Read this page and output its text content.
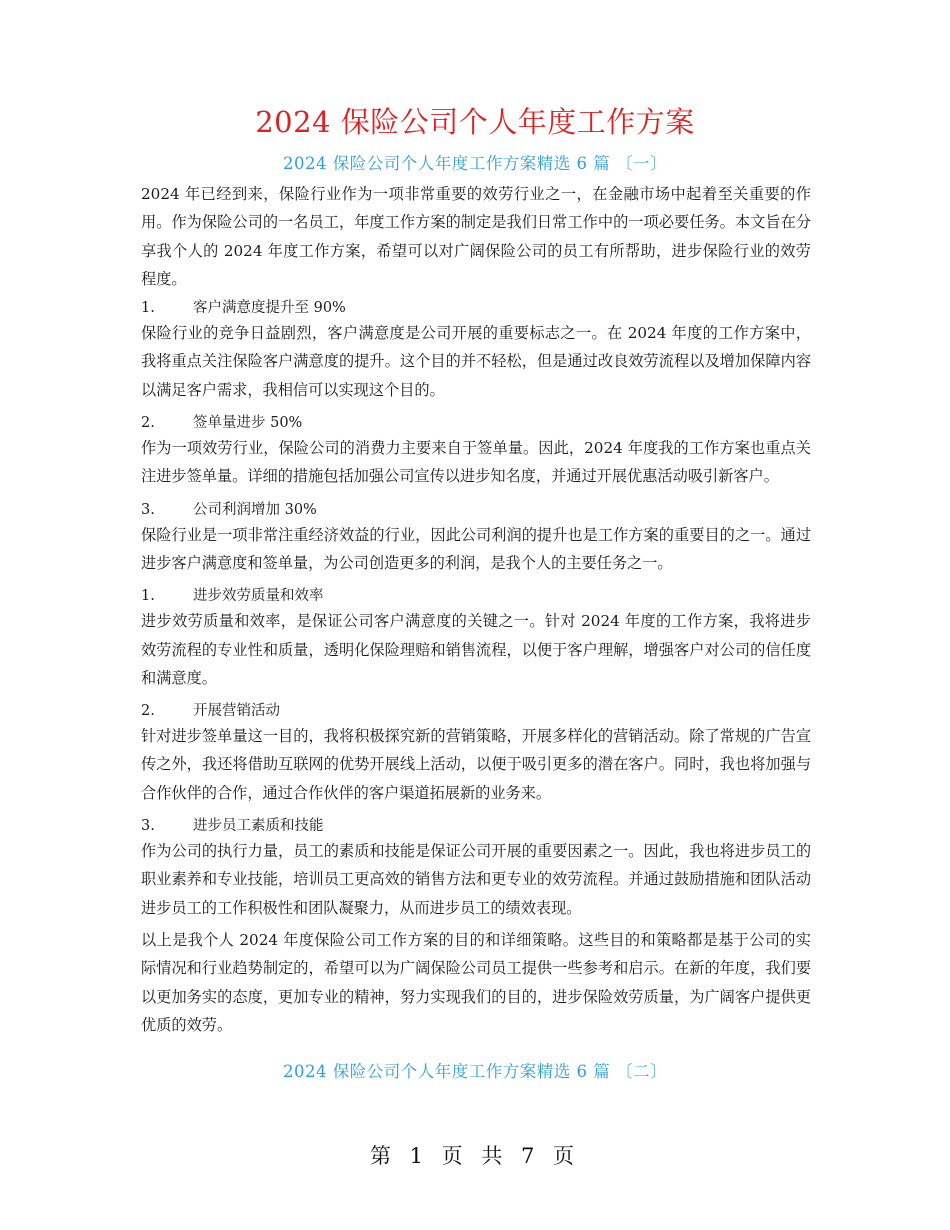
2024 保险公司个人年度工作方案
2024 保险公司个人年度工作方案精选 6 篇 〔一〕

2024 年已经到来，保险行业作为一项非常重要的效劳行业之一，在金融市场中起着至关重要的作用。作为保险公司的一名员工，年度工作方案的制定是我们日常工作中的一项必要任务。本文旨在分享我个人的 2024 年度工作方案，希望可以对广阔保险公司的员工有所帮助，进步保险行业的效劳程度。

1.	客户满意度提升至 90%

保险行业的竞争日益剧烈，客户满意度是公司开展的重要标志之一。在 2024 年度的工作方案中，我将重点关注保险客户满意度的提升。这个目的并不轻松，但是通过改良效劳流程以及增加保障内容以满足客户需求，我相信可以实现这个目的。

2.	签单量进步 50%

作为一项效劳行业，保险公司的消费力主要来自于签单量。因此，2024 年度我的工作方案也重点关注进步签单量。详细的措施包括加强公司宣传以进步知名度，并通过开展优惠活动吸引新客户。

3.	公司利润增加 30%

保险行业是一项非常注重经济效益的行业，因此公司利润的提升也是工作方案的重要目的之一。通过进步客户满意度和签单量，为公司创造更多的利润，是我个人的主要任务之一。

1.	进步效劳质量和效率

进步效劳质量和效率，是保证公司客户满意度的关键之一。针对 2024 年度的工作方案，我将进步效劳流程的专业性和质量，透明化保险理赔和销售流程，以便于客户理解，增强客户对公司的信任度和满意度。

2.	开展营销活动

针对进步签单量这一目的，我将积极探究新的营销策略，开展多样化的营销活动。除了常规的广告宣传之外，我还将借助互联网的优势开展线上活动，以便于吸引更多的潜在客户。同时，我也将加强与合作伙伴的合作，通过合作伙伴的客户渠道拓展新的业务来。

3.	进步员工素质和技能

作为公司的执行力量，员工的素质和技能是保证公司开展的重要因素之一。因此，我也将进步员工的职业素养和专业技能，培训员工更高效的销售方法和更专业的效劳流程。并通过鼓励措施和团队活动进步员工的工作积极性和团队凝聚力，从而进步员工的绩效表现。

以上是我个人 2024 年度保险公司工作方案的目的和详细策略。这些目的和策略都是基于公司的实际情况和行业趋势制定的，希望可以为广阔保险公司员工提供一些参考和启示。在新的年度，我们要以更加务实的态度，更加专业的精神，努力实现我们的目的，进步保险效劳质量，为广阔客户提供更优质的效劳。

2024 保险公司个人年度工作方案精选 6 篇 〔二〕
第 1 页 共 7 页
